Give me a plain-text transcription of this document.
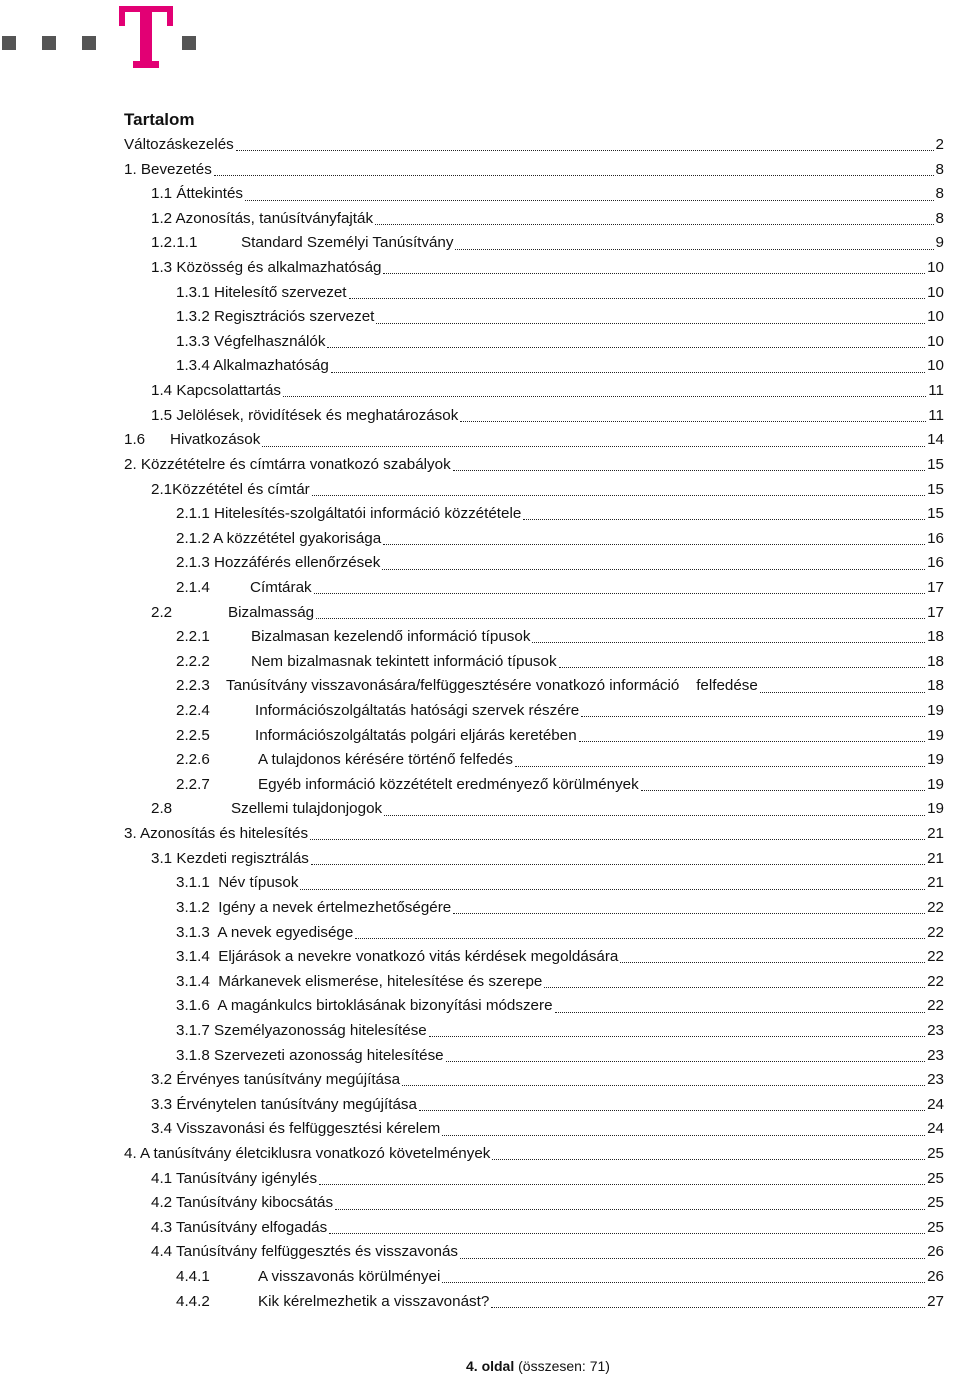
Tartalom
Változáskezelés	2
1. Bevezetés	8
1.1 Áttekintés	8
1.2 Azonosítás, tanúsítványfajták	8
1.2.1.1	Standard Személyi Tanúsítvány	9
1.3 Közösség és alkalmazhatóság	10
1.3.1 Hitelesítő szervezet	10
1.3.2 Regisztrációs szervezet	10
1.3.3 Végfelhasználók	10
1.3.4 Alkalmazhatóság	10
1.4 Kapcsolattartás	11
1.5 Jelölések, rövidítések és meghatározások	11
1.6	Hivatkozások	14
2. Közzétételre és címtárra vonatkozó szabályok	15
2.1Közzététel és címtár	15
2.1.1 Hitelesítés-szolgáltatói információ közzététele	15
2.1.2 A közzététel gyakorisága	16
2.1.3 Hozzáférés ellenőrzések	16
2.1.4	Címtárak	17
2.2	Bizalmasság	17
2.2.1	Bizalmasan kezelendő információ típusok	18
2.2.2	Nem bizalmasnak tekintett információ típusok	18
2.2.3	Tanúsítvány visszavonására/felfüggesztésére vonatkozó információ    felfedése	18
2.2.4	Információszolgáltatás hatósági szervek részére	19
2.2.5	Információszolgáltatás polgári eljárás keretében	19
2.2.6	A tulajdonos kérésére történő felfedés	19
2.2.7	Egyéb információ közzétételt eredményező körülmények	19
2.8	Szellemi tulajdonjogok	19
3. Azonosítás és hitelesítés	21
3.1 Kezdeti regisztrálás	21
3.1.1  Név típusok	21
3.1.2  Igény a nevek értelmezhetőségére	22
3.1.3  A nevek egyedisége	22
3.1.4  Eljárások a nevekre vonatkozó vitás kérdések megoldására	22
3.1.4  Márkanevek elismerése, hitelesítése és szerepe	22
3.1.6  A magánkulcs birtoklásának bizonyítási módszere	22
3.1.7 Személyazonosság hitelesítése	23
3.1.8 Szervezeti azonosság hitelesítése	23
3.2 Érvényes tanúsítvány megújítása	23
3.3 Érvénytelen tanúsítvány megújítása	24
3.4 Visszavonási és felfüggesztési kérelem	24
4. A tanúsítvány életciklusra vonatkozó követelmények	25
4.1 Tanúsítvány igénylés	25
4.2 Tanúsítvány kibocsátás	25
4.3 Tanúsítvány elfogadás	25
4.4 Tanúsítvány felfüggesztés és visszavonás	26
4.4.1	A visszavonás körülményei	26
4.4.2	Kik kérelmezhetik a visszavonást?	27
4. oldal (összesen: 71)
